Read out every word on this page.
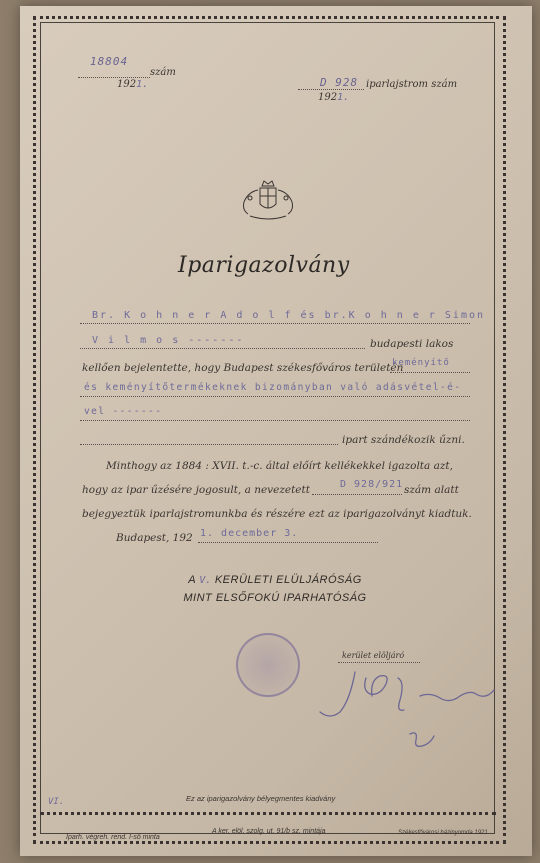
18804
szám
1921.	D 928 iparlajstrom szám
1921.
Iparigazolvány
Br. K o h n e r A d o l f és br.K o h n e r Simon
V i l m o s -------	budapesti lakos
kellően bejelentette, hogy Budapest székesfőváros területén
keményítő
és keményítőtermékeknek bizományban való adásvétel-é-
vel -------
ipart szándékozik űzni.
Minthogy az 1884 : XVII. t.-c. által előírt kellékekkel igazolta azt,
hogy az ipar űzésére jogosult, a nevezetett	D 928/921 szám alatt
bejegyeztük iparlajstromunkba és részére ezt az iparigazolványt kiadtuk.
Budapest, 192 1. december 3.
A V. KERÜLETI ELÜLJÁRÓSÁG
MINT ELSŐFOKÚ IPARHATÓSÁG
kerület elöljáró
VI.	Ez az iparigazolvány bélyegmentes kiadvány
Iparh. végreh. rend. I-ső minta
A ker. elöl. szolg. ut. 91/b sz. mintája	Székesfővárosi házinyomda 1921
